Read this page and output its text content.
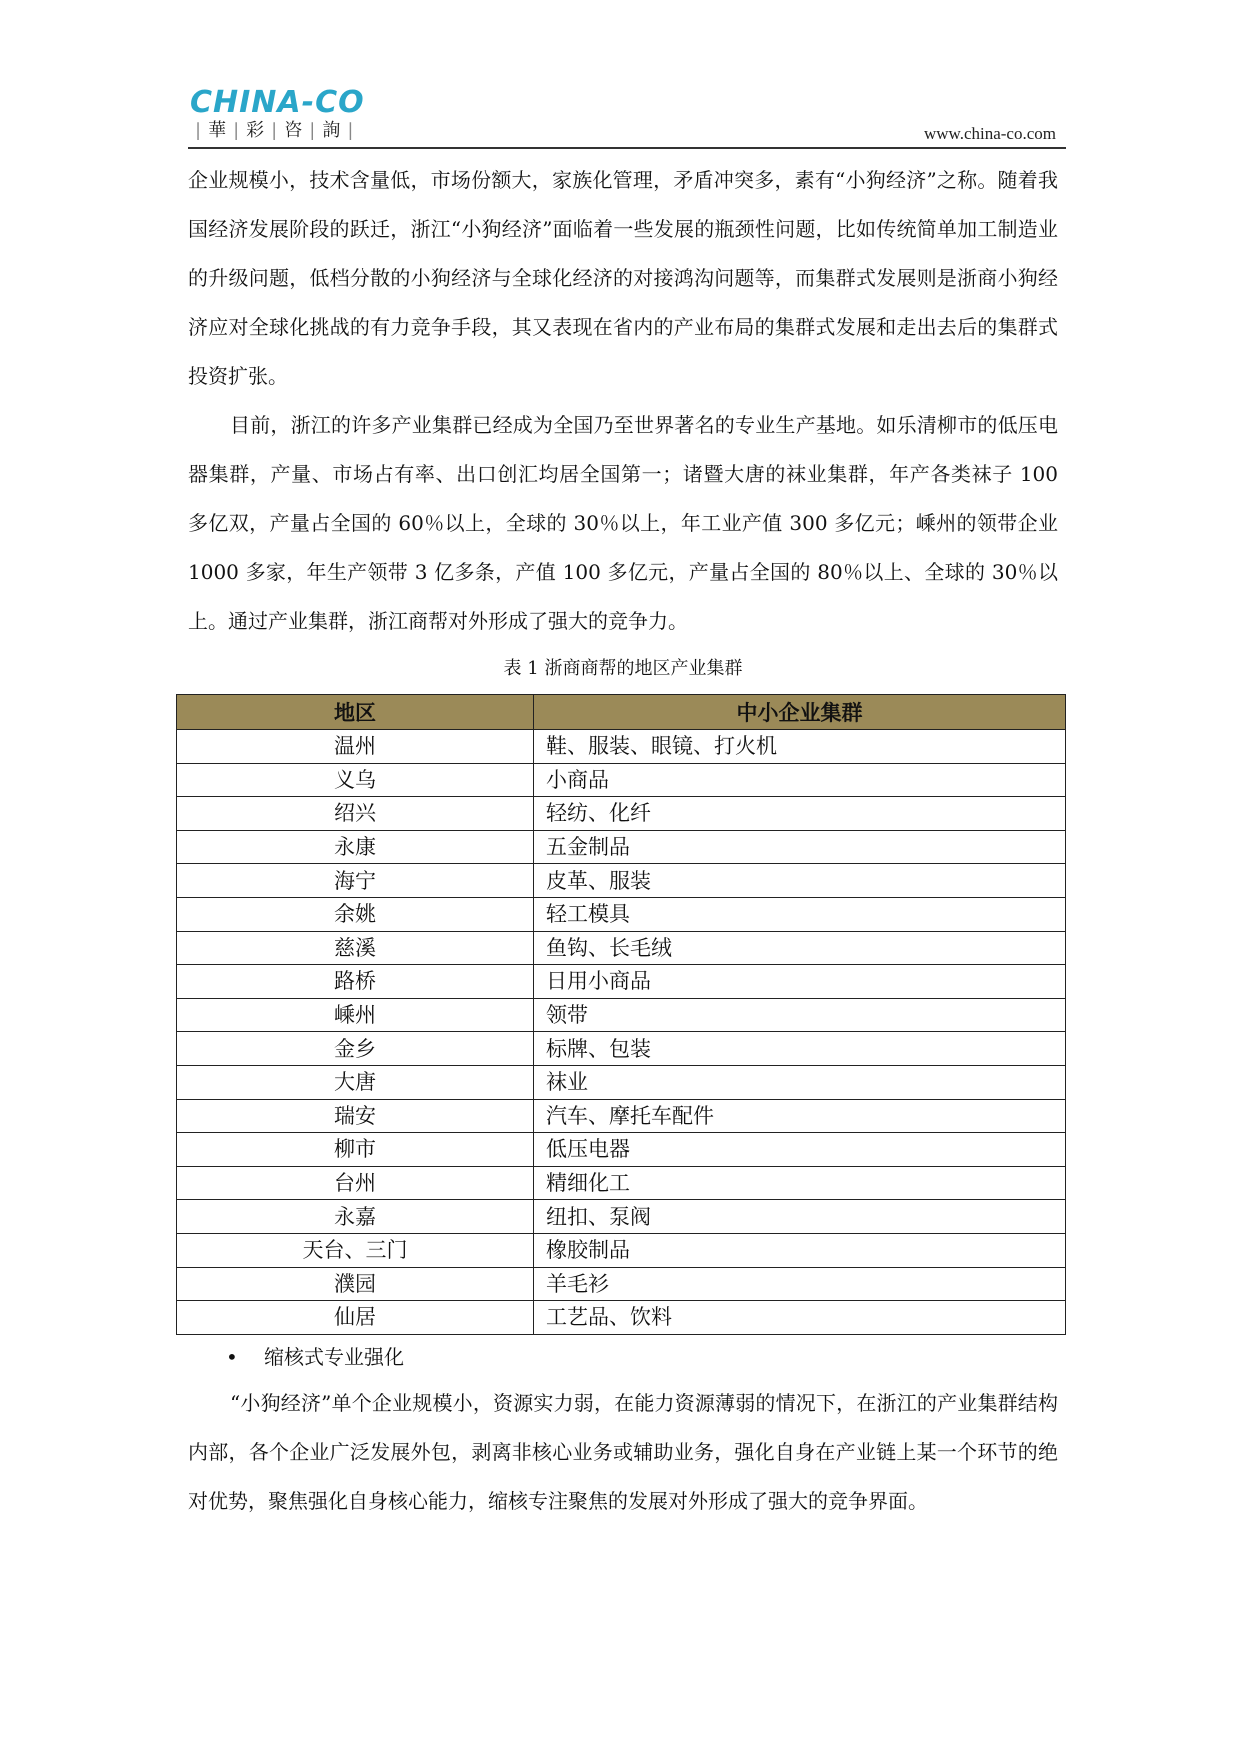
CHINA-CO
| 華 | 彩 | 咨 | 詢 |	www.china-co.com

企业规模小，技术含量低，市场份额大，家族化管理，矛盾冲突多，素有“小狗经济”之称。随着我国经济发展阶段的跃迁，浙江“小狗经济”面临着一些发展的瓶颈性问题，比如传统简单加工制造业的升级问题，低档分散的小狗经济与全球化经济的对接鸿沟问题等，而集群式发展则是浙商小狗经济应对全球化挑战的有力竞争手段，其又表现在省内的产业布局的集群式发展和走出去后的集群式投资扩张。

目前，浙江的许多产业集群已经成为全国乃至世界著名的专业生产基地。如乐清柳市的低压电器集群，产量、市场占有率、出口创汇均居全国第一；诸暨大唐的袜业集群，年产各类袜子 100 多亿双，产量占全国的 60％以上，全球的 30％以上，年工业产值 300 多亿元；嵊州的领带企业 1000 多家，年生产领带 3 亿多条，产值 100 多亿元，产量占全国的 80％以上、全球的 30％以上。通过产业集群，浙江商帮对外形成了强大的竞争力。

表 1 浙商商帮的地区产业集群
地区	中小企业集群
温州	鞋、服装、眼镜、打火机
义乌	小商品
绍兴	轻纺、化纤
永康	五金制品
海宁	皮革、服装
余姚	轻工模具
慈溪	鱼钩、长毛绒
路桥	日用小商品
嵊州	领带
金乡	标牌、包装
大唐	袜业
瑞安	汽车、摩托车配件
柳市	低压电器
台州	精细化工
永嘉	纽扣、泵阀
天台、三门	橡胶制品
濮园	羊毛衫
仙居	工艺品、饮料
• 缩核式专业强化

“小狗经济”单个企业规模小，资源实力弱，在能力资源薄弱的情况下，在浙江的产业集群结构内部，各个企业广泛发展外包，剥离非核心业务或辅助业务，强化自身在产业链上某一个环节的绝对优势，聚焦强化自身核心能力，缩核专注聚焦的发展对外形成了强大的竞争界面。
